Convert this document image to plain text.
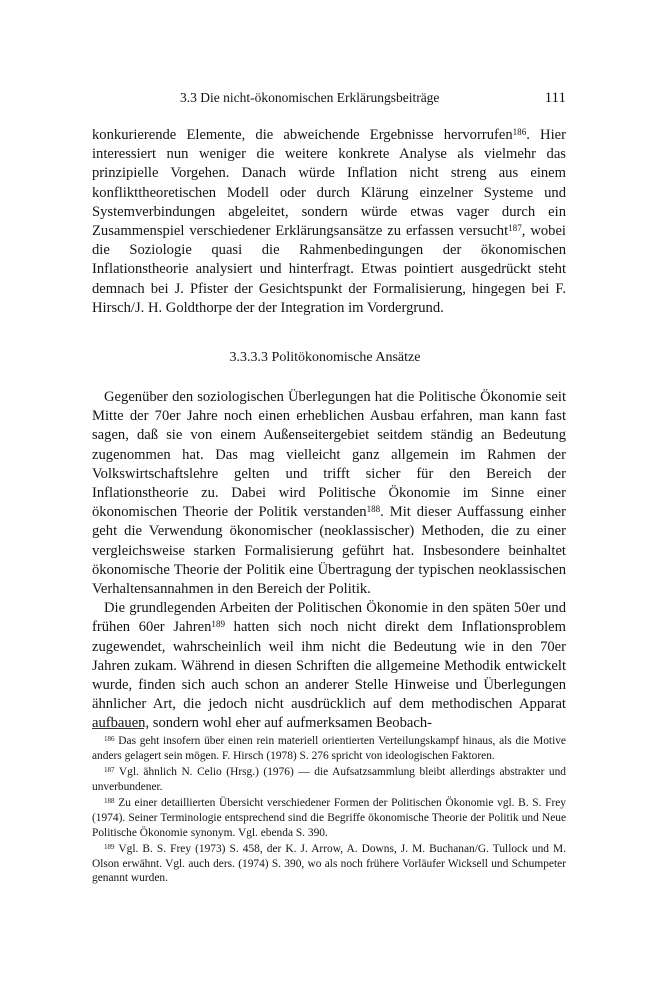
3.3 Die nicht-ökonomischen Erklärungsbeiträge	111

konkurierende Elemente, die abweichende Ergebnisse hervorrufen$^{186}$. Hier interessiert nun weniger die weitere konkrete Analyse als vielmehr das prinzipielle Vorgehen. Danach würde Inflation nicht streng aus einem konflikttheoretischen Modell oder durch Klärung einzelner Systeme und Systemverbindungen abgeleitet, sondern würde etwas vager durch ein Zusammenspiel verschiedener Erklärungsansätze zu erfassen versucht$^{187}$, wobei die Soziologie quasi die Rahmenbedingungen der ökonomischen Inflationstheorie analysiert und hinterfragt. Etwas pointiert ausgedrückt steht demnach bei J. Pfister der Gesichtspunkt der Formalisierung, hingegen bei F. Hirsch/J. H. Goldthorpe der der Integration im Vordergrund.

3.3.3.3 Politökonomische Ansätze

Gegenüber den soziologischen Überlegungen hat die Politische Ökonomie seit Mitte der 70er Jahre noch einen erheblichen Ausbau erfahren, man kann fast sagen, daß sie von einem Außenseitergebiet seitdem ständig an Bedeutung zugenommen hat. Das mag vielleicht ganz allgemein im Rahmen der Volkswirtschaftslehre gelten und trifft sicher für den Bereich der Inflationstheorie zu. Dabei wird Politische Ökonomie im Sinne einer ökonomischen Theorie der Politik verstanden$^{188}$. Mit dieser Auffassung einher geht die Verwendung ökonomischer (neoklassischer) Methoden, die zu einer vergleichsweise starken Formalisierung geführt hat. Insbesondere beinhaltet ökonomische Theorie der Politik eine Übertragung der typischen neoklassischen Verhaltensannahmen in den Bereich der Politik.

Die grundlegenden Arbeiten der Politischen Ökonomie in den späten 50er und frühen 60er Jahren$^{189}$ hatten sich noch nicht direkt dem Inflationsproblem zugewendet, wahrscheinlich weil ihm nicht die Bedeutung wie in den 70er Jahren zukam. Während in diesen Schriften die allgemeine Methodik entwickelt wurde, finden sich auch schon an anderer Stelle Hinweise und Überlegungen ähnlicher Art, die jedoch nicht ausdrücklich auf dem methodischen Apparat aufbauen, sondern wohl eher auf aufmerksamen Beobach-

$^{186}$ Das geht insofern über einen rein materiell orientierten Verteilungskampf hinaus, als die Motive anders gelagert sein mögen. F. Hirsch (1978) S. 276 spricht von ideologischen Faktoren.

$^{187}$ Vgl. ähnlich N. Celio (Hrsg.) (1976) — die Aufsatzsammlung bleibt allerdings abstrakter und unverbundener.

$^{188}$ Zu einer detaillierten Übersicht verschiedener Formen der Politischen Ökonomie vgl. B. S. Frey (1974). Seiner Terminologie entsprechend sind die Begriffe ökonomische Theorie der Politik und Neue Politische Ökonomie synonym. Vgl. ebenda S. 390.

$^{189}$ Vgl. B. S. Frey (1973) S. 458, der K. J. Arrow, A. Downs, J. M. Buchanan/G. Tullock und M. Olson erwähnt. Vgl. auch ders. (1974) S. 390, wo als noch frühere Vorläufer Wicksell und Schumpeter genannt wurden.
